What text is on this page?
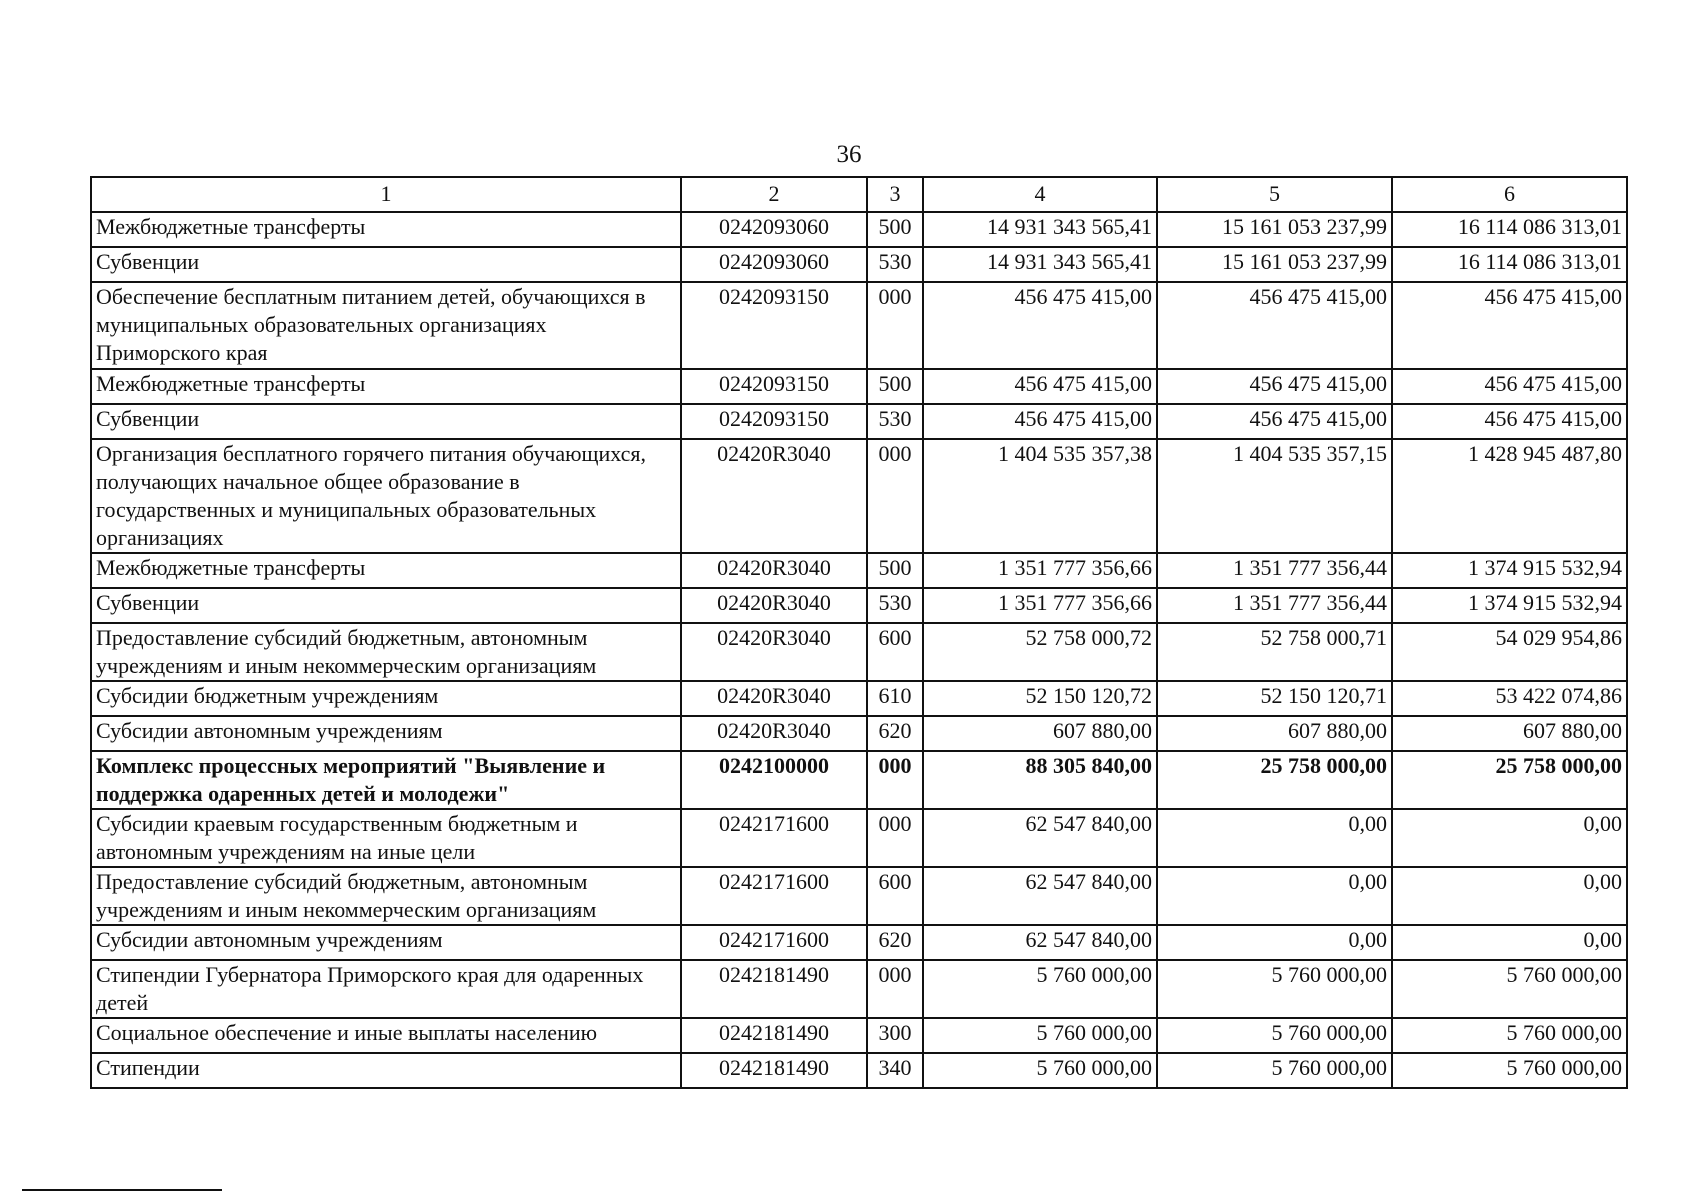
36
1	2	3	4	5	6
Межбюджетные трансферты	0242093060	500	14 931 343 565,41	15 161 053 237,99	16 114 086 313,01
Субвенции	0242093060	530	14 931 343 565,41	15 161 053 237,99	16 114 086 313,01
Обеспечение бесплатным питанием детей, обучающихся в муниципальных образовательных организациях Приморского края	0242093150	000	456 475 415,00	456 475 415,00	456 475 415,00
Межбюджетные трансферты	0242093150	500	456 475 415,00	456 475 415,00	456 475 415,00
Субвенции	0242093150	530	456 475 415,00	456 475 415,00	456 475 415,00
Организация бесплатного горячего питания обучающихся, получающих начальное общее образование в государственных и муниципальных образовательных организациях	02420R3040	000	1 404 535 357,38	1 404 535 357,15	1 428 945 487,80
Межбюджетные трансферты	02420R3040	500	1 351 777 356,66	1 351 777 356,44	1 374 915 532,94
Субвенции	02420R3040	530	1 351 777 356,66	1 351 777 356,44	1 374 915 532,94
Предоставление субсидий бюджетным, автономным учреждениям и иным некоммерческим организациям	02420R3040	600	52 758 000,72	52 758 000,71	54 029 954,86
Субсидии бюджетным учреждениям	02420R3040	610	52 150 120,72	52 150 120,71	53 422 074,86
Субсидии автономным учреждениям	02420R3040	620	607 880,00	607 880,00	607 880,00
Комплекс процессных мероприятий "Выявление и поддержка одаренных детей и молодежи"	0242100000	000	88 305 840,00	25 758 000,00	25 758 000,00
Субсидии краевым государственным бюджетным и автономным учреждениям на иные цели	0242171600	000	62 547 840,00	0,00	0,00
Предоставление субсидий бюджетным, автономным учреждениям и иным некоммерческим организациям	0242171600	600	62 547 840,00	0,00	0,00
Субсидии автономным учреждениям	0242171600	620	62 547 840,00	0,00	0,00
Стипендии Губернатора Приморского края для одаренных детей	0242181490	000	5 760 000,00	5 760 000,00	5 760 000,00
Социальное обеспечение и иные выплаты населению	0242181490	300	5 760 000,00	5 760 000,00	5 760 000,00
Стипендии	0242181490	340	5 760 000,00	5 760 000,00	5 760 000,00
